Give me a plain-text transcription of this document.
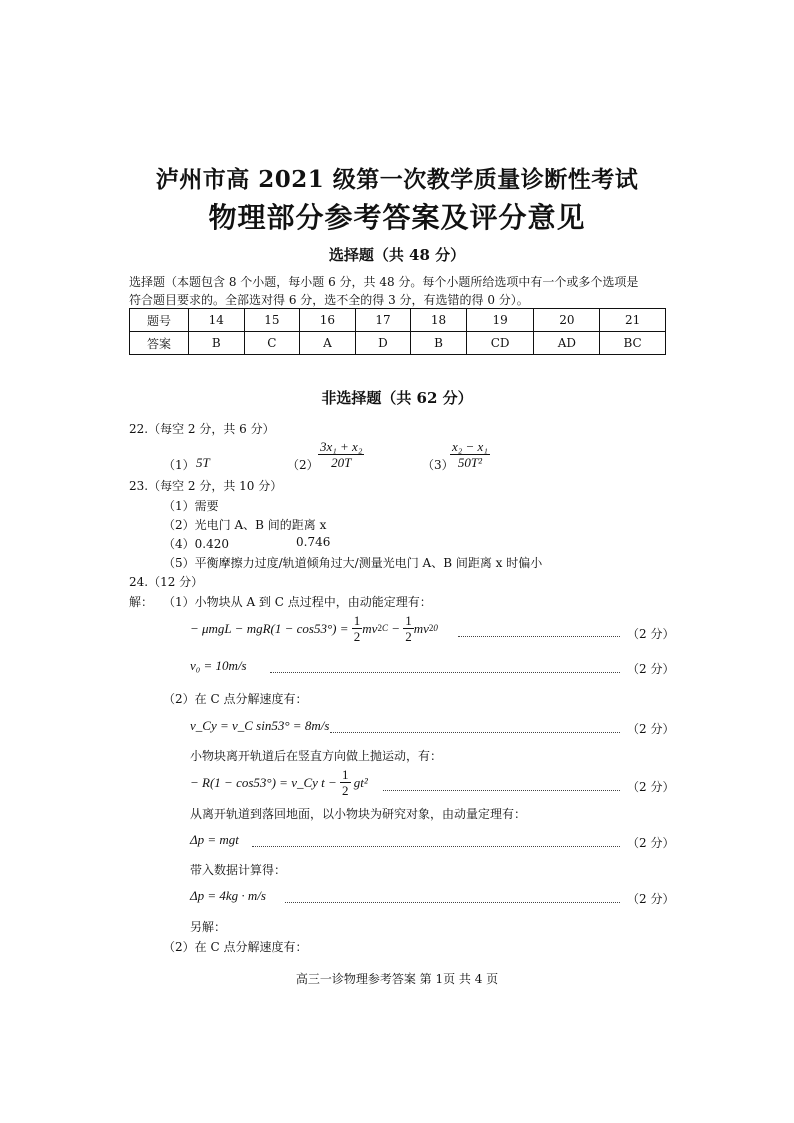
泸州市高 2021 级第一次教学质量诊断性考试
物理部分参考答案及评分意见
选择题（共 48 分）
选择题（本题包含 8 个小题，每小题 6 分，共 48 分。每个小题所给选项中有一个或多个选项是
符合题目要求的。全部选对得 6 分，选不全的得 3 分，有选错的得 0 分）。
题号	14	15	16	17	18	19	20	21
答案	B	C	A	D	B	CD	AD	BC
非选择题（共 62 分）
22.（每空 2 分，共 6 分）
（1） 5T	$(2) \frac{\text{3x₁ + x₂}}{20T}$	（3）
$\frac{\text{x₂ − x₁}}{\text{50T²}}$
23.（每空 2 分，共 10 分）
（1）需要
（2）光电门 A、B 间的距离 x
（4）0.420	0.746
（5）平衡摩擦力过度/轨道倾角过大/测量光电门 A、B 间距离 x 时偏小
24.（12 分）
解： （1）小物块从 A 到 C 点过程中，由动能定理有：
− $\mu mgL - mgR(1 - \cos 53^\circ) = \frac{1}{2} mv2C - \frac{1}{2} mv20$	（2 分）
v₀ = 10m/s	（2 分）
（2）在 C 点分解速度有：
v_Cy = v_C sin53° = 8m/s	（2 分）
小物块离开轨道后在竖直方向做上抛运动，有：
− R(1 − cos53°) = v_Cy $t - \frac{1}{2} gt^2$	（2 分）
从离开轨道到落回地面，以小物块为研究对象，由动量定理有：
Δp = mgt	（2 分）
带入数据计算得：
Δp = 4kg · m/s	（2 分）
另解：
（2）在 C 点分解速度有：
高三一诊物理参考答案 第 1页 共 4 页
